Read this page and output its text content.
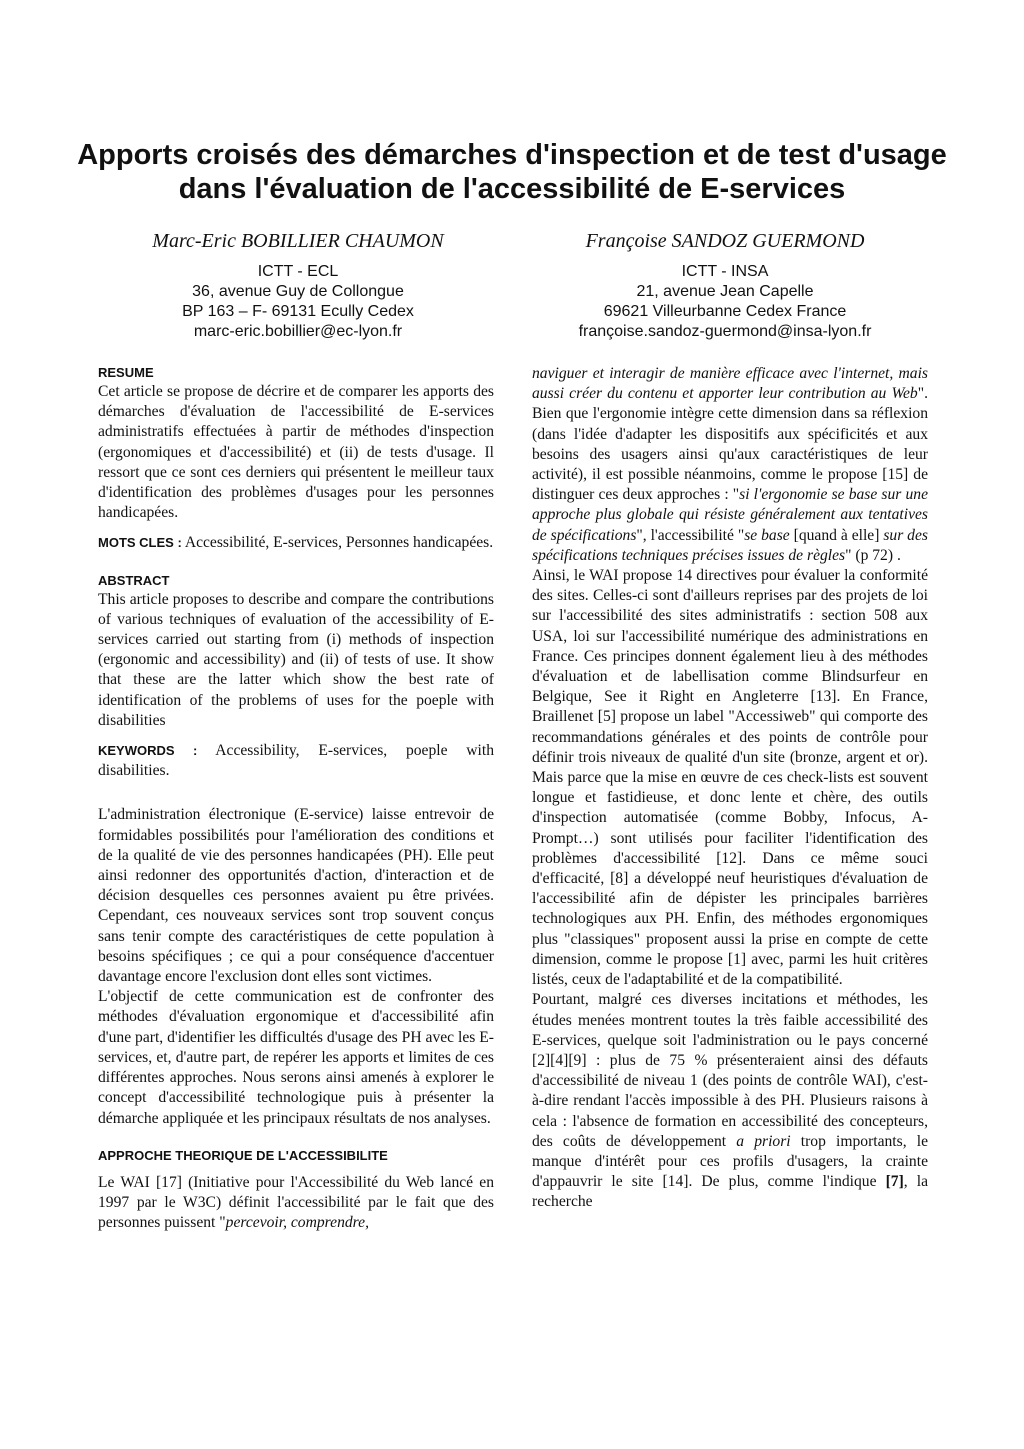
Apports croisés des démarches d'inspection et de test d'usage dans l'évaluation de l'accessibilité de E-services
Marc-Eric BOBILLIER CHAUMON
ICTT - ECL
36, avenue Guy de Collongue
BP 163 – F- 69131 Ecully Cedex
marc-eric.bobillier@ec-lyon.fr
Françoise SANDOZ GUERMOND
ICTT - INSA
21, avenue Jean Capelle
69621 Villeurbanne Cedex France
françoise.sandoz-guermond@insa-lyon.fr
RESUME

Cet article se propose de décrire et de comparer les apports des démarches d'évaluation de l'accessibilité de E-services administratifs effectuées à partir de méthodes d'inspection (ergonomiques et d'accessibilité) et (ii) de tests d'usage. Il ressort que ce sont ces derniers qui présentent le meilleur taux d'identification des problèmes d'usages pour les personnes handicapées.

MOTS CLES : Accessibilité, E-services, Personnes handicapées.

ABSTRACT

This article proposes to describe and compare the contributions of various techniques of evaluation of the accessibility of E-services carried out starting from (i) methods of inspection (ergonomic and accessibility) and (ii) of tests of use. It show that these are the latter which show the best rate of identification of the problems of uses for the poeple with disabilities

KEYWORDS : Accessibility, E-services, poeple with disabilities.

L'administration électronique (E-service) laisse entrevoir de formidables possibilités pour l'amélioration des conditions et de la qualité de vie des personnes handicapées (PH). Elle peut ainsi redonner des opportunités d'action, d'interaction et de décision desquelles ces personnes avaient pu être privées. Cependant, ces nouveaux services sont trop souvent conçus sans tenir compte des caractéristiques de cette population à besoins spécifiques ; ce qui a pour conséquence d'accentuer davantage encore l'exclusion dont elles sont victimes.

L'objectif de cette communication est de confronter des méthodes d'évaluation ergonomique et d'accessibilité afin d'une part, d'identifier les difficultés d'usage des PH avec les E-services, et, d'autre part, de repérer les apports et limites de ces différentes approches. Nous serons ainsi amenés à explorer le concept d'accessibilité technologique puis à présenter la démarche appliquée et les principaux résultats de nos analyses.

APPROCHE THEORIQUE DE L'ACCESSIBILITE

Le WAI [17] (Initiative pour l'Accessibilité du Web lancé en 1997 par le W3C) définit l'accessibilité par le fait que des personnes puissent "percevoir, comprendre,

naviguer et interagir de manière efficace avec l'internet, mais aussi créer du contenu et apporter leur contribution au Web". Bien que l'ergonomie intègre cette dimension dans sa réflexion (dans l'idée d'adapter les dispositifs aux spécificités et aux besoins des usagers ainsi qu'aux caractéristiques de leur activité), il est possible néanmoins, comme le propose [15] de distinguer ces deux approches : "si l'ergonomie se base sur une approche plus globale qui résiste généralement aux tentatives de spécifications", l'accessibilité "se base [quand à elle] sur des spécifications techniques précises issues de règles" (p 72) .

Ainsi, le WAI propose 14 directives pour évaluer la conformité des sites. Celles-ci sont d'ailleurs reprises par des projets de loi sur l'accessibilité des sites administratifs : section 508 aux USA, loi sur l'accessibilité numérique des administrations en France. Ces principes donnent également lieu à des méthodes d'évaluation et de labellisation comme Blindsurfeur en Belgique, See it Right en Angleterre [13]. En France, Braillenet [5] propose un label "Accessiweb" qui comporte des recommandations générales et des points de contrôle pour définir trois niveaux de qualité d'un site (bronze, argent et or). Mais parce que la mise en œuvre de ces check-lists est souvent longue et fastidieuse, et donc lente et chère, des outils d'inspection automatisée (comme Bobby, Infocus, A-Prompt…) sont utilisés pour faciliter l'identification des problèmes d'accessibilité [12]. Dans ce même souci d'efficacité, [8] a développé neuf heuristiques d'évaluation de l'accessibilité afin de dépister les principales barrières technologiques aux PH. Enfin, des méthodes ergonomiques plus "classiques" proposent aussi la prise en compte de cette dimension, comme le propose [1] avec, parmi les huit critères listés, ceux de l'adaptabilité et de la compatibilité.

Pourtant, malgré ces diverses incitations et méthodes, les études menées montrent toutes la très faible accessibilité des E-services, quelque soit l'administration ou le pays concerné [2][4][9] : plus de 75 % présenteraient ainsi des défauts d'accessibilité de niveau 1 (des points de contrôle WAI), c'est-à-dire rendant l'accès impossible à des PH. Plusieurs raisons à cela : l'absence de formation en accessibilité des concepteurs, des coûts de développement a priori trop importants, le manque d'intérêt pour ces profils d'usagers, la crainte d'appauvrir le site [14]. De plus, comme l'indique [7], la recherche
